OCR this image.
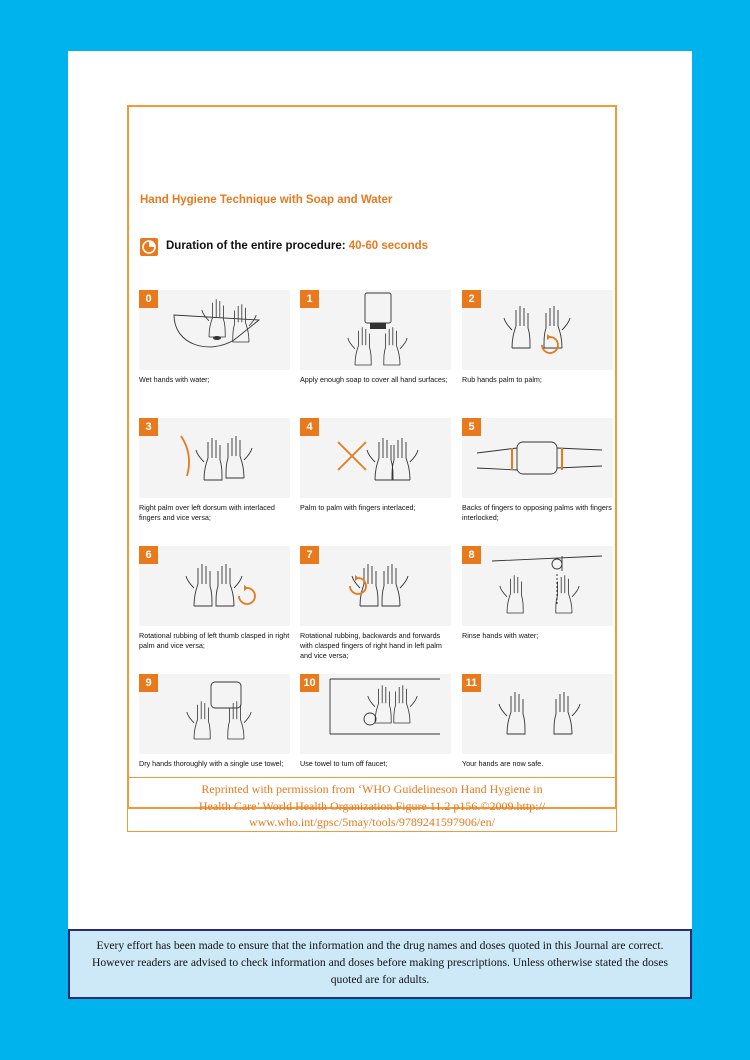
Hand Hygiene Technique with Soap and Water
Duration of the entire procedure: 40-60 seconds
0
Wet hands with water;
1
Apply enough soap to cover all hand surfaces;
2
Rub hands palm to palm;
3
Right palm over left dorsum with interlaced fingers and vice versa;
4
Palm to palm with fingers interlaced;
5
Backs of fingers to opposing palms with fingers interlocked;
6
Rotational rubbing of left thumb clasped in right palm and vice versa;
7
Rotational rubbing, backwards and forwards with clasped fingers of right hand in left palm and vice versa;
8
Rinse hands with water;
9
Dry hands thoroughly with a single use towel;
10
Use towel to turn off faucet;
11
Your hands are now safe.
Reprinted with permission from ‘WHO Guidelineson Hand Hygiene in
Health Care’ World Health Organization.Figure 11.2 p156.©2009.http://
www.who.int/gpsc/5may/tools/9789241597906/en/
Every effort has been made to ensure that the information and the drug names and doses quoted in this Journal are correct. However readers are advised to check information and doses before making prescriptions. Unless otherwise stated the doses quoted are for adults.
